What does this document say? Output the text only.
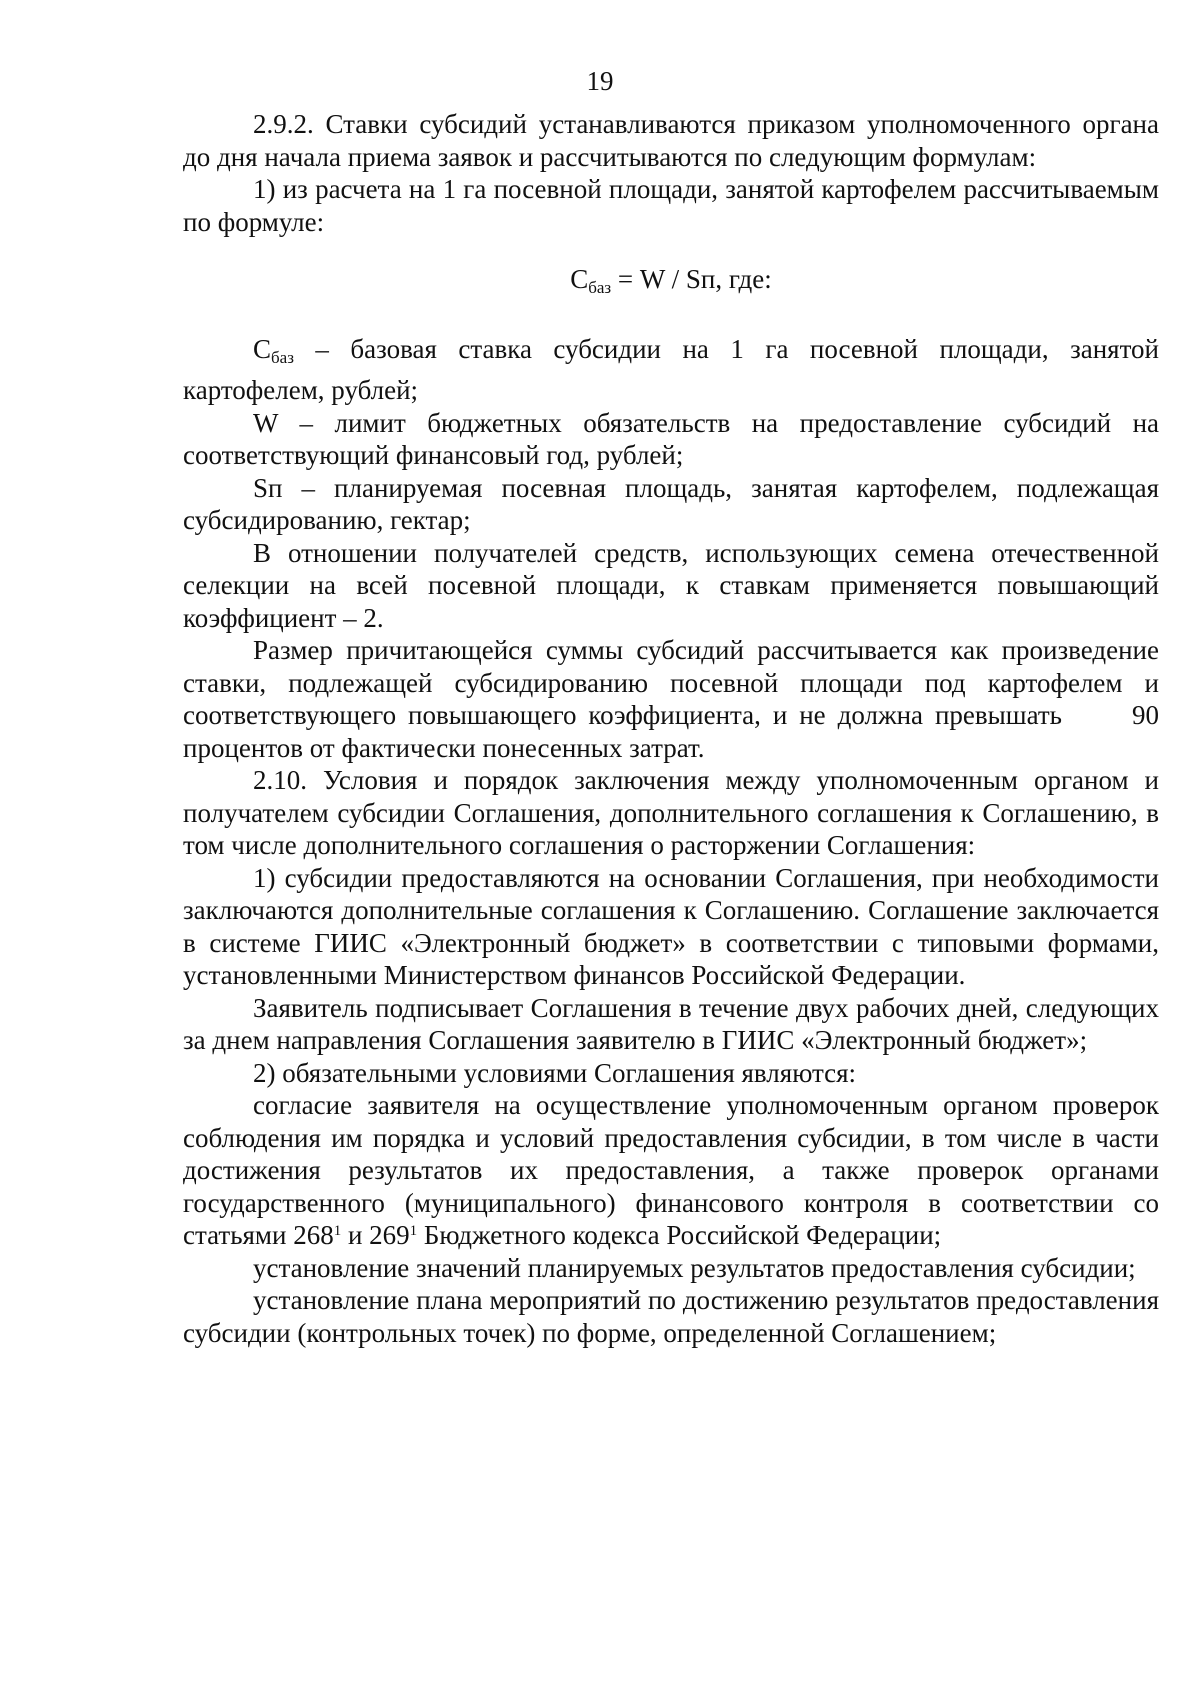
19

2.9.2. Ставки субсидий устанавливаются приказом уполномоченного органа до дня начала приема заявок и рассчитываются по следующим формулам:

1) из расчета на 1 га посевной площади, занятой картофелем рассчитываемым по формуле:

$С_{баз} = W$ / Sп, где:

$С_{баз}$ – базовая ставка субсидии на 1 га посевной площади, занятой картофелем, рублей;

W – лимит бюджетных обязательств на предоставление субсидий на соответствующий финансовый год, рублей;

Sп – планируемая посевная площадь, занятая картофелем, подлежащая субсидированию, гектар;

В отношении получателей средств, использующих семена отечественной селекции на всей посевной площади, к ставкам применяется повышающий коэффициент – 2.

Размер причитающейся суммы субсидий рассчитывается как произведение ставки, подлежащей субсидированию посевной площади под картофелем и соответствующего повышающего коэффициента, и не должна превышать	90 процентов от фактически понесенных затрат.

2.10. Условия и порядок заключения между уполномоченным органом и получателем субсидии Соглашения, дополнительного соглашения к Соглашению, в том числе дополнительного соглашения о расторжении Соглашения:

1) субсидии предоставляются на основании Соглашения, при необходимости заключаются дополнительные соглашения к Соглашению. Соглашение заключается в системе ГИИС «Электронный бюджет» в соответствии с типовыми формами, установленными Министерством финансов Российской Федерации.

Заявитель подписывает Соглашения в течение двух рабочих дней, следующих за днем направления Соглашения заявителю в ГИИС «Электронный бюджет»;

2) обязательными условиями Соглашения являются:

согласие заявителя на осуществление уполномоченным органом проверок соблюдения им порядка и условий предоставления субсидии, в том числе в части достижения результатов их предоставления, а также проверок органами государственного (муниципального) финансового контроля в соответствии со статьями $268^1$ и $269^1$ Бюджетного кодекса Российской Федерации;

установление значений планируемых результатов предоставления субсидии;

установление плана мероприятий по достижению результатов предоставления субсидии (контрольных точек) по форме, определенной Соглашением;
